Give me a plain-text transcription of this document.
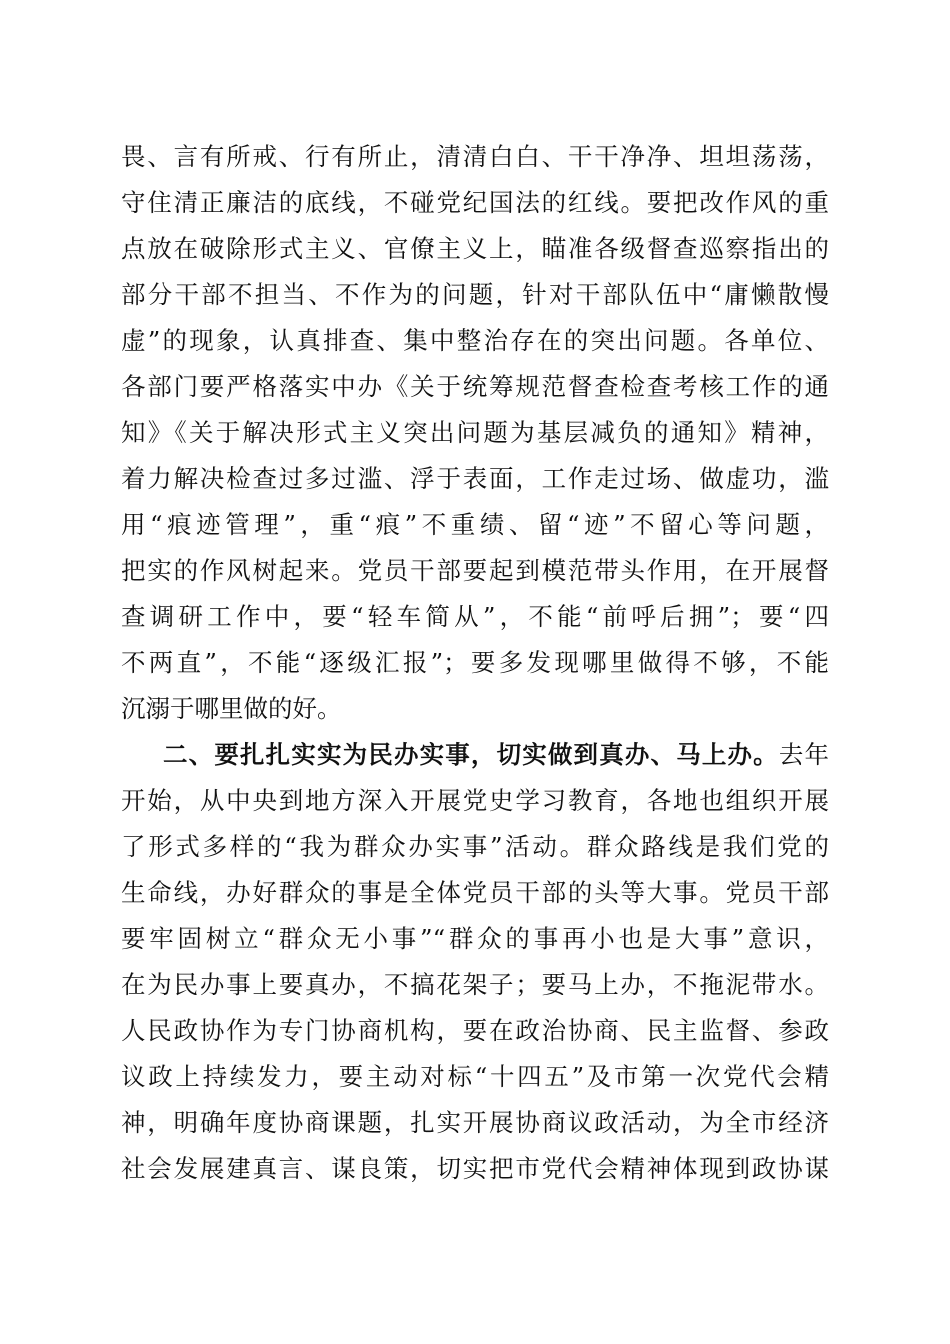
畏、言有所戒、行有所止，清清白白、干干净净、坦坦荡荡，
守住清正廉洁的底线，不碰党纪国法的红线。要把改作风的重
点放在破除形式主义、官僚主义上，瞄准各级督查巡察指出的
部分干部不担当、不作为的问题，针对干部队伍中“庸懒散慢
虚”的现象，认真排查、集中整治存在的突出问题。各单位、
各部门要严格落实中办《关于统筹规范督查检查考核工作的通
知》《关于解决形式主义突出问题为基层减负的通知》精神，
着力解决检查过多过滥、浮于表面，工作走过场、做虚功，滥
用“痕迹管理”，重“痕”不重绩、留“迹”不留心等问题，
把实的作风树起来。党员干部要起到模范带头作用，在开展督
查调研工作中，要“轻车简从”，不能“前呼后拥”；要“四
不两直”，不能“逐级汇报”；要多发现哪里做得不够，不能
沉溺于哪里做的好。
二、要扎扎实实为民办实事，切实做到真办、马上办。去年
开始，从中央到地方深入开展党史学习教育，各地也组织开展
了形式多样的“我为群众办实事”活动。群众路线是我们党的
生命线，办好群众的事是全体党员干部的头等大事。党员干部
要牢固树立“群众无小事”“群众的事再小也是大事”意识，
在为民办事上要真办，不搞花架子；要马上办，不拖泥带水。
人民政协作为专门协商机构，要在政治协商、民主监督、参政
议政上持续发力，要主动对标“十四五”及市第一次党代会精
神，明确年度协商课题，扎实开展协商议政活动，为全市经济
社会发展建真言、谋良策，切实把市党代会精神体现到政协谋
